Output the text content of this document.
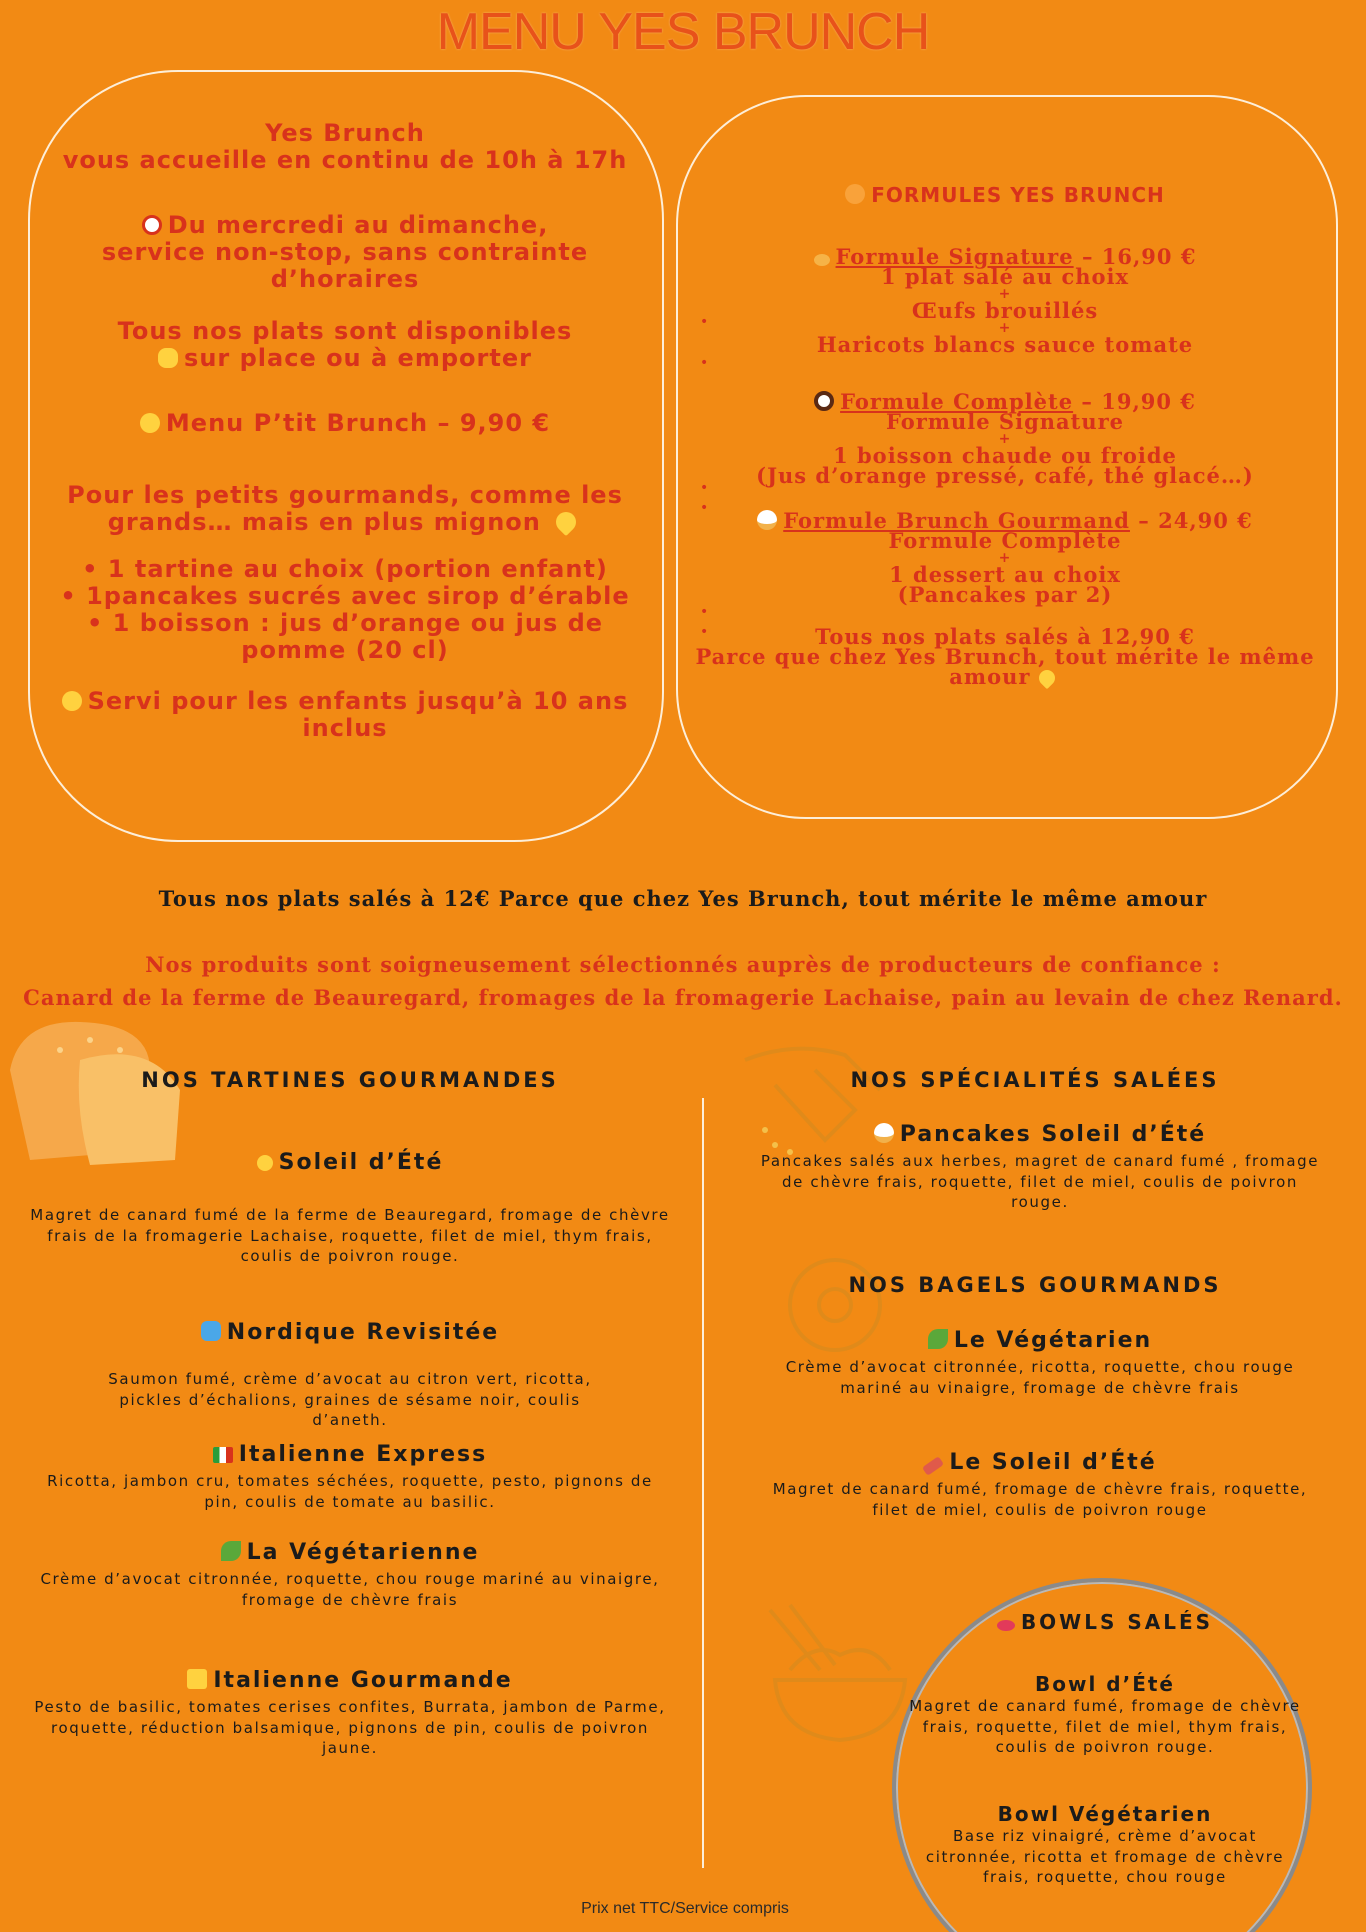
MENU YES BRUNCH
Yes Brunch
vous accueille en continu de 10h à 17h
Du mercredi au dimanche,
service non-stop, sans contrainte
d’horaires
Tous nos plats sont disponibles
sur place ou à emporter
Menu P’tit Brunch – 9,90 €
Pour les petits gourmands, comme les
grands… mais en plus mignon
• 1 tartine au choix (portion enfant)
• 1pancakes sucrés avec sirop d’érable
• 1 boisson : jus d’orange ou jus de
pomme (20 cl)
Servi pour les enfants jusqu’à 10 ans
inclus
FORMULES YES BRUNCH
Formule Signature – 16,90 €
1 plat salé au choix
+
Œufs brouillés
+
Haricots blancs sauce tomate
Formule Complète – 19,90 €
Formule Signature
+
1 boisson chaude ou froide
(Jus d’orange pressé, café, thé glacé…)
Formule Brunch Gourmand – 24,90 €
Formule Complète
+
1 dessert au choix
(Pancakes par 2)
Tous nos plats salés à 12,90 €
Parce que chez Yes Brunch, tout mérite le même
amour
•
•
•
•
•
•
Tous nos plats salés à 12€ Parce que chez Yes Brunch, tout mérite le même amour
Nos produits sont soigneusement sélectionnés auprès de producteurs de confiance :
Canard de la ferme de Beauregard, fromages de la fromagerie Lachaise, pain au levain de chez Renard.
NOS TARTINES GOURMANDES
Soleil d’Été
Magret de canard fumé de la ferme de Beauregard, fromage de chèvre frais de la fromagerie Lachaise, roquette, filet de miel, thym frais, coulis de poivron rouge.
Nordique Revisitée
Saumon fumé, crème d’avocat au citron vert, ricotta, pickles d’échalions, graines de sésame noir, coulis d’aneth.
Italienne Express
Ricotta, jambon cru, tomates séchées, roquette, pesto, pignons de pin, coulis de tomate au basilic.
La Végétarienne
Crème d’avocat citronnée, roquette, chou rouge mariné au vinaigre, fromage de chèvre frais
Italienne Gourmande
Pesto de basilic, tomates cerises confites, Burrata, jambon de Parme, roquette, réduction balsamique, pignons de pin, coulis de poivron jaune.
NOS SPÉCIALITÉS SALÉES
Pancakes Soleil d’Été
Pancakes salés aux herbes, magret de canard fumé , fromage de chèvre frais, roquette, filet de miel, coulis de poivron rouge.
NOS BAGELS GOURMANDS
Le Végétarien
Crème d’avocat citronnée, ricotta, roquette, chou rouge mariné au vinaigre, fromage de chèvre frais
Le Soleil d’Été
Magret de canard fumé, fromage de chèvre frais, roquette, filet de miel, coulis de poivron rouge
BOWLS SALÉS
Bowl d’Été
Magret de canard fumé, fromage de chèvre frais, roquette, filet de miel, thym frais, coulis de poivron rouge.
Bowl Végétarien
Base riz vinaigré, crème d’avocat citronnée, ricotta et fromage de chèvre frais, roquette, chou rouge
Prix net TTC/Service compris
